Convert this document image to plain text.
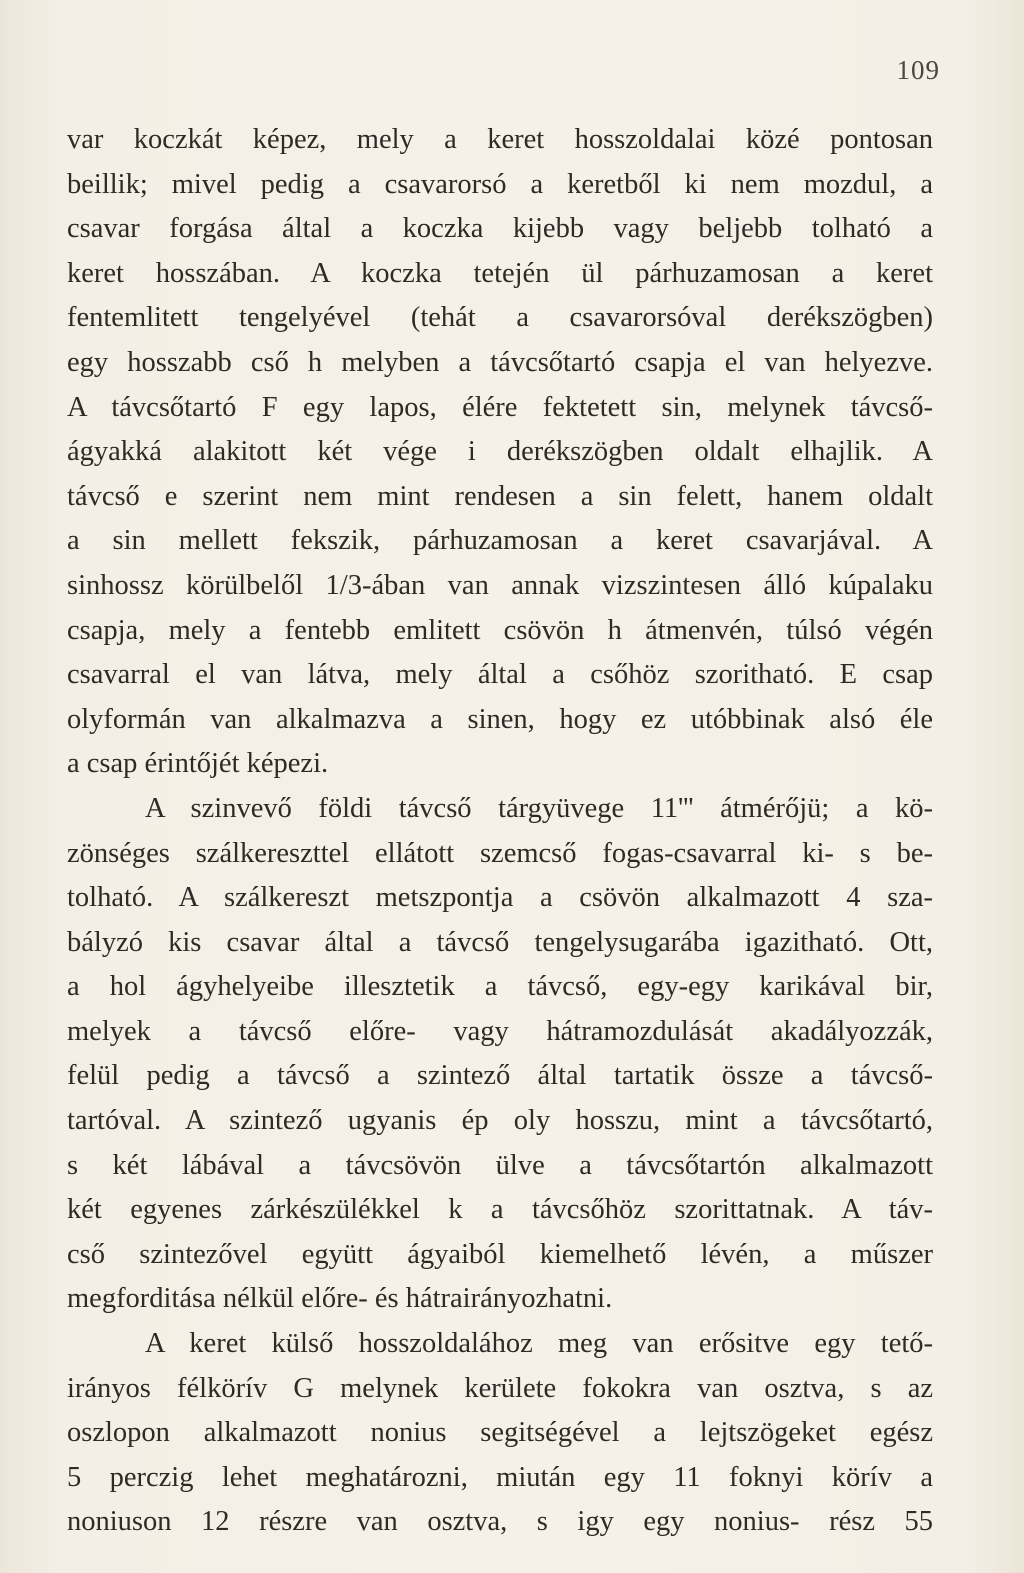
109
var koczkát képez, mely a keret hosszoldalai közé pontosan
beillik; mivel pedig a csavarorsó a keretből ki nem mozdul, a
csavar forgása által a koczka kijebb vagy beljebb tolható a
keret hosszában. A koczka tetején ül párhuzamosan a keret
fentemlitett tengelyével (tehát a csavarorsóval derékszögben)
egy hosszabb cső h melyben a távcsőtartó csapja el van helyezve.
A távcsőtartó F egy lapos, élére fektetett sin, melynek távcső-
ágyakká alakitott két vége i derékszögben oldalt elhajlik. A
távcső e szerint nem mint rendesen a sin felett, hanem oldalt
a sin mellett fekszik, párhuzamosan a keret csavarjával. A
sinhossz körülbelől 1/3-ában van annak vizszintesen álló kúpalaku
csapja, mely a fentebb emlitett csövön h átmenvén, túlsó végén
csavarral el van látva, mely által a csőhöz szoritható. E csap
olyformán van alkalmazva a sinen, hogy ez utóbbinak alsó éle
a csap érintőjét képezi.
A szinvevő földi távcső tárgyüvege 11''' átmérőjü; a kö-
zönséges szálkereszttel ellátott szemcső fogas-csavarral ki- s be-
tolható. A szálkereszt metszpontja a csövön alkalmazott 4 sza-
bályzó kis csavar által a távcső tengelysugarába igazitható. Ott,
a hol ágyhelyeibe illesztetik a távcső, egy-egy karikával bir,
melyek a távcső előre- vagy hátramozdulását akadályozzák,
felül pedig a távcső a szintező által tartatik össze a távcső-
tartóval. A szintező ugyanis ép oly hosszu, mint a távcsőtartó,
s két lábával a távcsövön ülve a távcsőtartón alkalmazott
két egyenes zárkészülékkel k a távcsőhöz szorittatnak. A táv-
cső szintezővel együtt ágyaiból kiemelhető lévén, a műszer
megforditása nélkül előre- és hátrairányozhatni.
A keret külső hosszoldalához meg van erősitve egy tető-
irányos félkörív G melynek kerülete fokokra van osztva, s az
oszlopon alkalmazott nonius segitségével a lejtszögeket egész
5 perczig lehet meghatározni, miután egy 11 foknyi körív a
noniuson 12 részre van osztva, s igy egy nonius- rész 55
